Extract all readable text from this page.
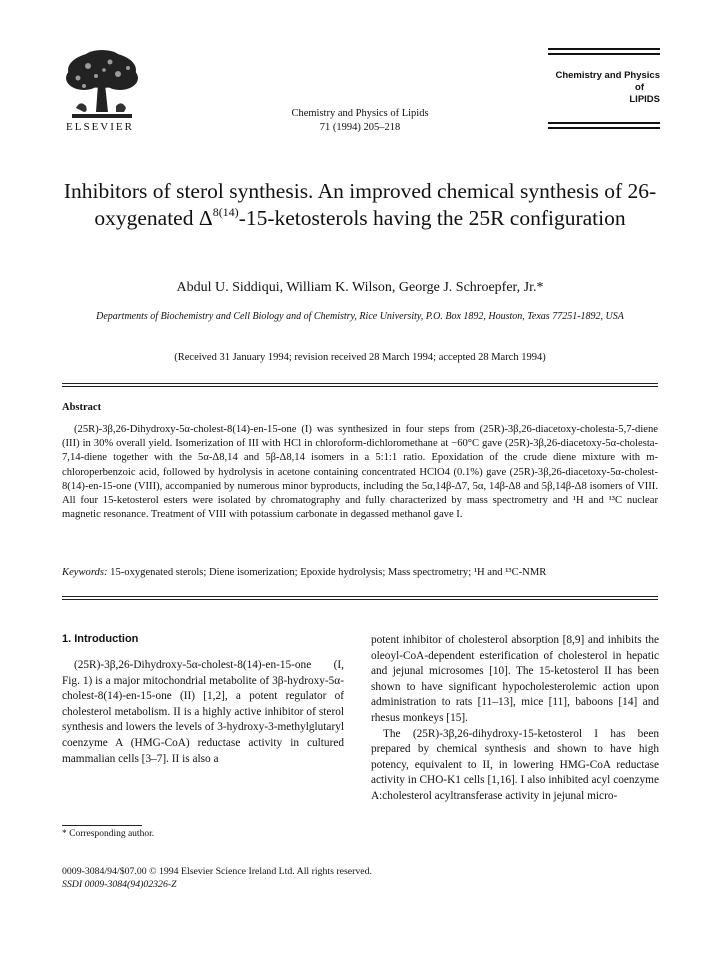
ELSEVIER
Chemistry and Physics of Lipids
71 (1994) 205–218
Chemistry and Physics
of
LIPIDS
Inhibitors of sterol synthesis. An improved chemical synthesis of 26-oxygenated $\Delta^{8(14)}-15$-ketosterols having the 25R configuration
Abdul U. Siddiqui, William K. Wilson, George J. Schroepfer, Jr.*
Departments of Biochemistry and Cell Biology and of Chemistry, Rice University, P.O. Box 1892, Houston, Texas 77251-1892, USA
(Received 31 January 1994; revision received 28 March 1994; accepted 28 March 1994)
Abstract
(25R)-3β,26-Dihydroxy-5α-cholest-8(14)-en-15-one (I) was synthesized in four steps from (25R)-3β,26-diacetoxy-cholesta-5,7-diene (III) in 30% overall yield. Isomerization of III with HCl in chloroform-dichloromethane at −60°C gave (25R)-3β,26-diacetoxy-5α-cholesta-7,14-diene together with the 5α-Δ8,14 and 5β-Δ8,14 isomers in a 5:1:1 ratio. Epoxidation of the crude diene mixture with m-chloroperbenzoic acid, followed by hydrolysis in acetone containing concentrated HClO4 (0.1%) gave (25R)-3β,26-diacetoxy-5α-cholest-8(14)-en-15-one (VIII), accompanied by numerous minor byproducts, including the 5α,14β-Δ7, 5α, 14β-Δ8 and 5β,14β-Δ8 isomers of VIII. All four 15-ketosterol esters were isolated by chromatography and fully characterized by mass spectrometry and ¹H and ¹³C nuclear magnetic resonance. Treatment of VIII with potassium carbonate in degassed methanol gave I.
Keywords: 15-oxygenated sterols; Diene isomerization; Epoxide hydrolysis; Mass spectrometry; ¹H and ¹³C-NMR
1. Introduction
(25R)-3β,26-Dihydroxy-5α-cholest-8(14)-en-15-one (I, Fig. 1) is a major mitochondrial metabolite of 3β-hydroxy-5α-cholest-8(14)-en-15-one (II) [1,2], a potent regulator of cholesterol metabolism. II is a highly active inhibitor of sterol synthesis and lowers the levels of 3-hydroxy-3-methylglutaryl coenzyme A (HMG-CoA) reductase activity in cultured mammalian cells [3–7]. II is also a

potent inhibitor of cholesterol absorption [8,9] and inhibits the oleoyl-CoA-dependent esterification of cholesterol in hepatic and jejunal microsomes [10]. The 15-ketosterol II has been shown to have significant hypocholesterolemic action upon administration to rats [11–13], mice [11], baboons [14] and rhesus monkeys [15].

The (25R)-3β,26-dihydroxy-15-ketosterol I has been prepared by chemical synthesis and shown to have high potency, equivalent to II, in lowering HMG-CoA reductase activity in CHO-K1 cells [1,16]. I also inhibited acyl coenzyme A:cholesterol acyltransferase activity in jejunal micro-

* Corresponding author.
0009-3084/94/$07.00 © 1994 Elsevier Science Ireland Ltd. All rights reserved.
SSDI 0009-3084(94)02326-Z
